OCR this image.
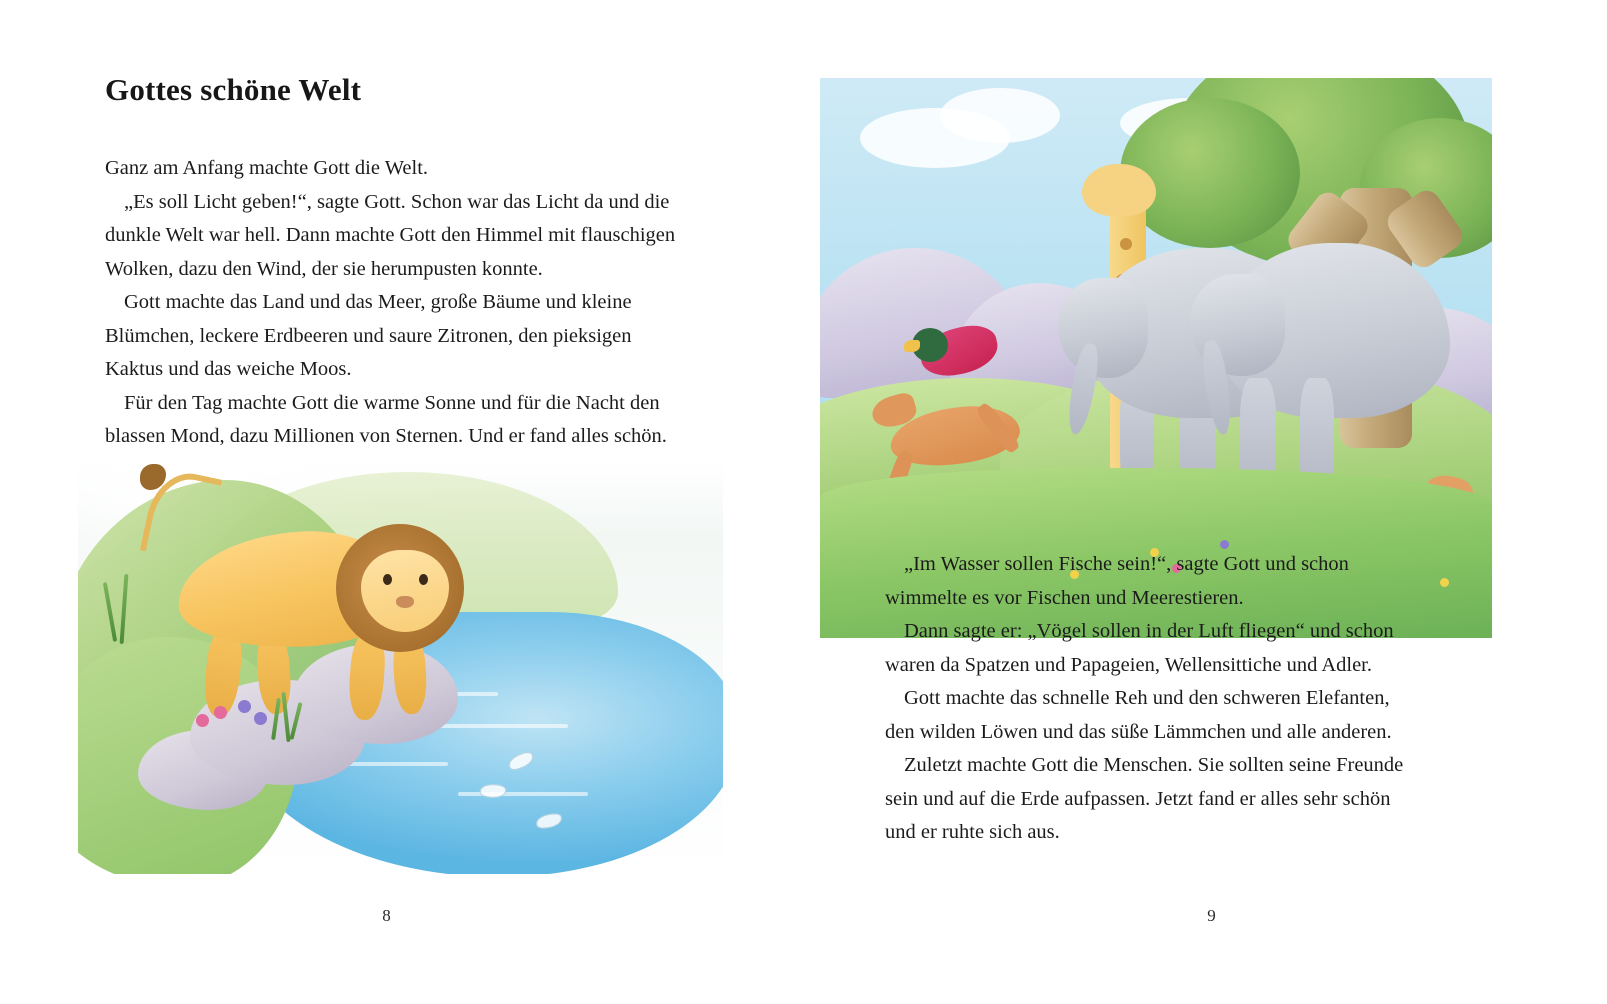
Gottes schöne Welt

Ganz am Anfang machte Gott die Welt.

„Es soll Licht geben!“, sagte Gott. Schon war das Licht da und die dunkle Welt war hell. Dann machte Gott den Himmel mit flauschigen Wolken, dazu den Wind, der sie herumpusten konnte.

Gott machte das Land und das Meer, große Bäume und kleine Blümchen, leckere Erdbeeren und saure Zitronen, den pieksigen Kaktus und das weiche Moos.

Für den Tag machte Gott die warme Sonne und für die Nacht den blassen Mond, dazu Millionen von Sternen. Und er fand alles schön.

8

„Im Wasser sollen Fische sein!“, sagte Gott und schon wimmelte es vor Fischen und Meerestieren.

Dann sagte er: „Vögel sollen in der Luft fliegen“ und schon waren da Spatzen und Papageien, Wellensittiche und Adler.

Gott machte das schnelle Reh und den schweren Elefanten, den wilden Löwen und das süße Lämmchen und alle anderen.

Zuletzt machte Gott die Menschen. Sie sollten seine Freunde sein und auf die Erde aufpassen. Jetzt fand er alles sehr schön und er ruhte sich aus.

9
